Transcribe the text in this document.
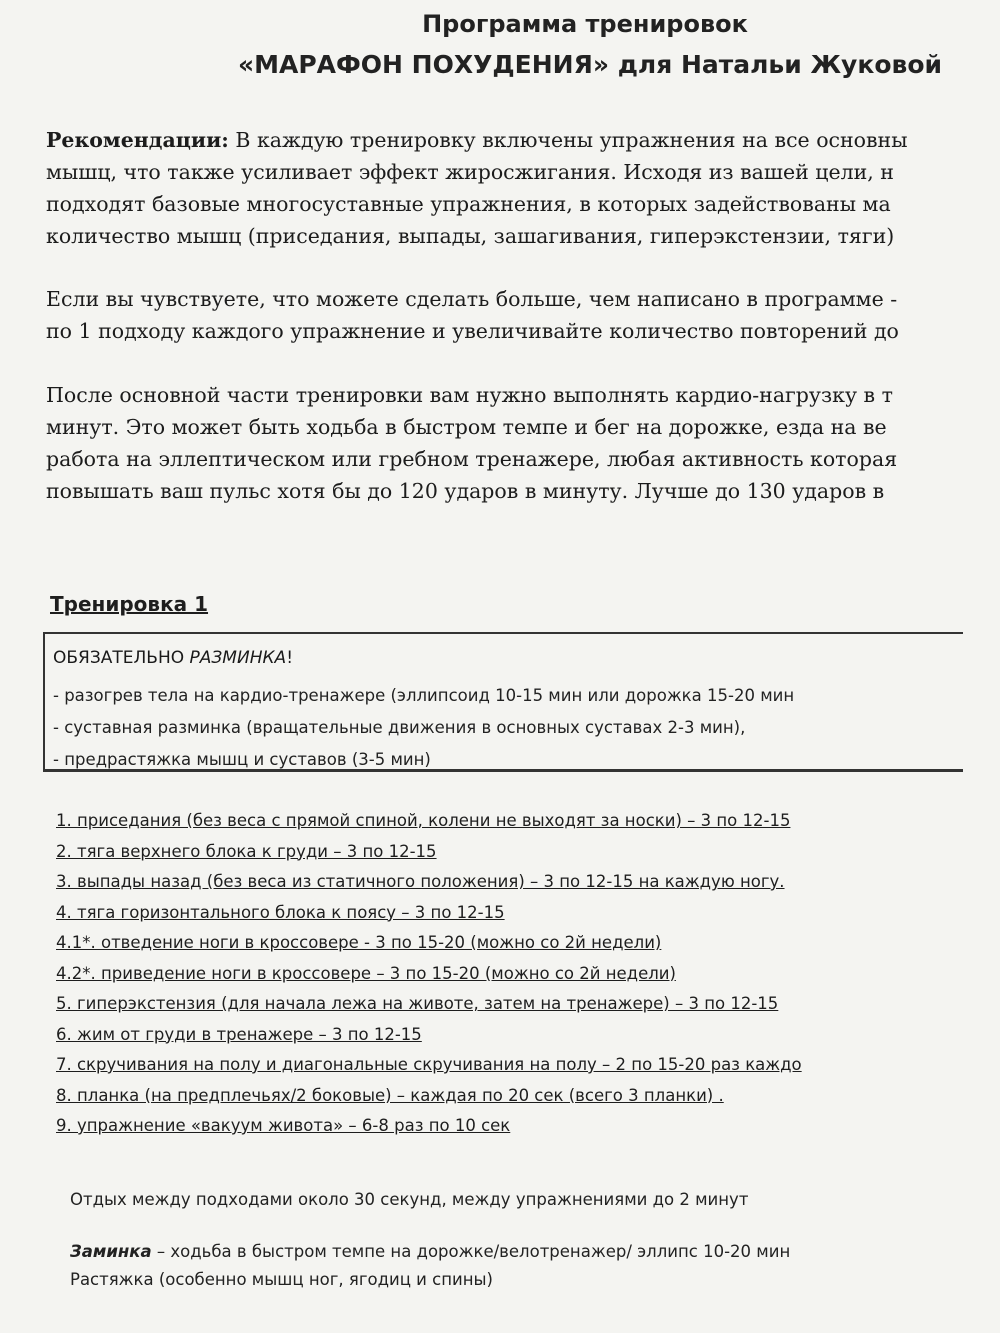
Программа тренировок
«МАРАФОН ПОХУДЕНИЯ» для Натальи Жуковой
Рекомендации: В каждую тренировку включены упражнения на все основны
мышц, что также усиливает эффект жиросжигания. Исходя из вашей цели, н
подходят базовые многосуставные упражнения, в которых задействованы ма
количество мышц (приседания, выпады, зашагивания, гиперэкстензии, тяги)
Если вы чувствуете, что можете сделать больше, чем написано в программе -
по 1 подходу каждого упражнение и увеличивайте количество повторений до
После основной части тренировки вам нужно выполнять кардио-нагрузку в т
минут. Это может быть ходьба в быстром темпе и бег на дорожке, езда на ве
работа на эллептическом или гребном тренажере, любая активность которая
повышать ваш пульс хотя бы до 120 ударов в минуту. Лучше до 130 ударов в
Тренировка 1
ОБЯЗАТЕЛЬНО РАЗМИНКА!
- разогрев тела на кардио-тренажере (эллипсоид 10-15 мин или дорожка 15-20 мин
- суставная разминка (вращательные движения в основных суставах 2-3 мин),
- предрастяжка мышц и суставов (3-5 мин)
1. приседания (без веса с прямой спиной, колени не выходят за носки) – 3 по 12-15
2. тяга верхнего блока к груди – 3 по 12-15
3. выпады назад (без веса из статичного положения) – 3 по 12-15 на каждую ногу.
4. тяга горизонтального блока к поясу – 3 по 12-15
4.1*. отведение ноги в кроссовере - 3 по 15-20 (можно со 2й недели)
4.2*. приведение ноги в кроссовере – 3 по 15-20 (можно со 2й недели)
5. гиперэкстензия (для начала лежа на животе, затем на тренажере) – 3 по 12-15
6. жим от груди в тренажере – 3 по 12-15
7. скручивания на полу и диагональные скручивания на полу – 2 по 15-20 раз каждо
8. планка (на предплечьях/2 боковые) – каждая по 20 сек (всего 3 планки) .
9. упражнение «вакуум живота» – 6-8 раз по 10 сек
Отдых между подходами около 30 секунд, между упражнениями до 2 минут
Заминка – ходьба в быстром темпе на дорожке/велотренажер/ эллипс 10-20 мин
Растяжка (особенно мышц ног, ягодиц и спины)
